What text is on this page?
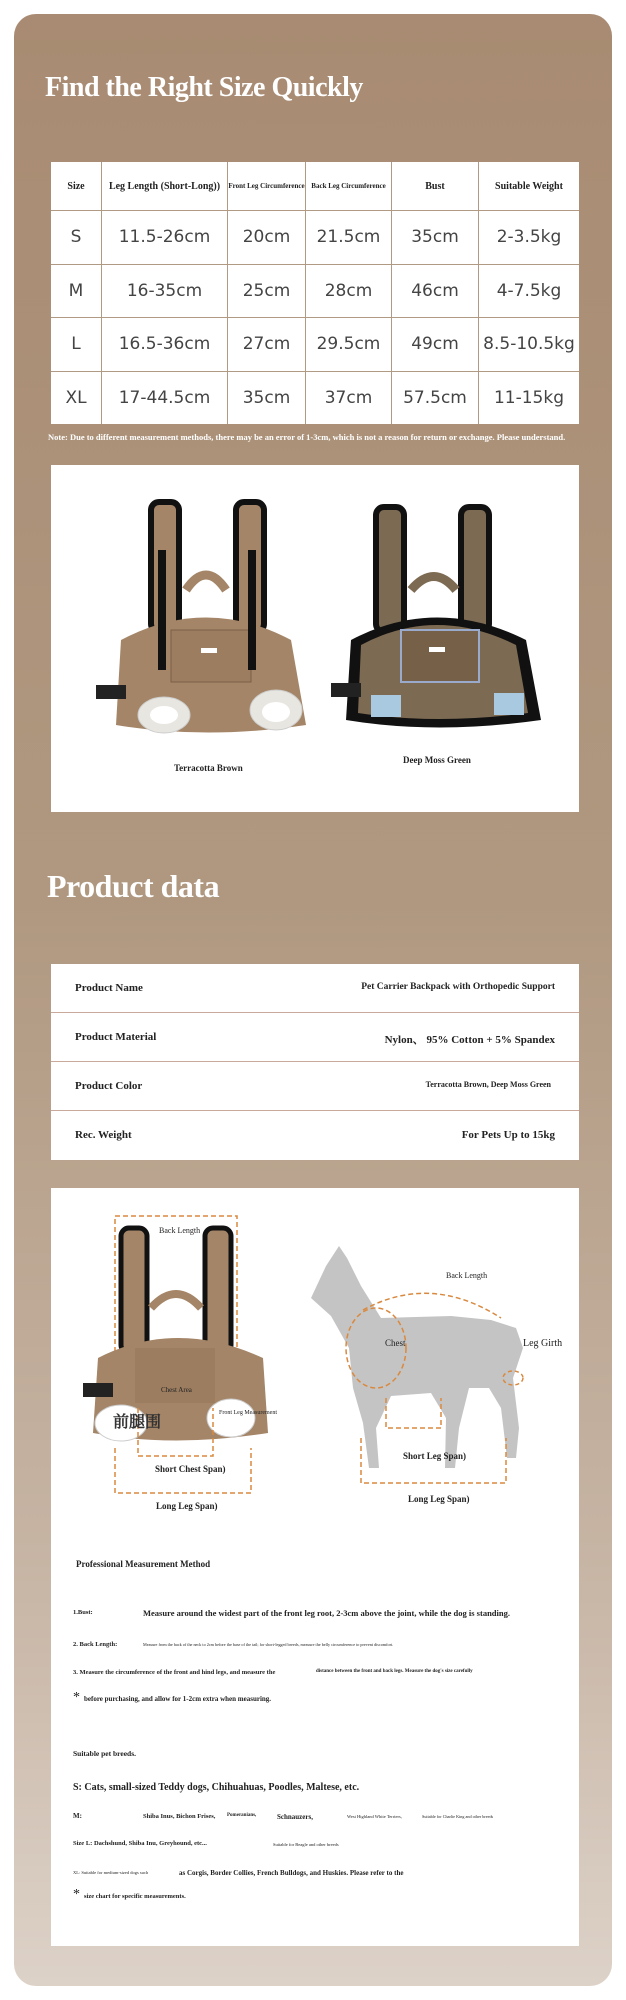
Find the Right Size Quickly
Size	Leg Length (Short-Long))	Front Leg Circumference	Back Leg Circumference	Bust	Suitable Weight
S	11.5-26cm	20cm	21.5cm	35cm	2-3.5kg
M	16-35cm	25cm	28cm	46cm	4-7.5kg
L	16.5-36cm	27cm	29.5cm	49cm	8.5-10.5kg
XL	17-44.5cm	35cm	37cm	57.5cm	11-15kg
Note: Due to different measurement methods, there may be an error of 1-3cm, which is not a reason for return or exchange. Please understand.
Terracotta Brown
Deep Moss Green
Product data
Product Name	Pet Carrier Backpack with Orthopedic Support
Product Material	Nylon、 95% Cotton + 5% Spandex
Product Color	Terracotta Brown, Deep Moss Green
Rec. Weight	For Pets Up to 15kg
Back Length
Chest Area
前腿围	Front Leg Measurement
Short Chest Span)
Long Leg Span)
Back Length
Chest	Leg Girth
Short Leg Span)
Long Leg Span)
Professional Measurement Method
1.Bust:	Measure around the widest part of the front leg root, 2-3cm above the joint, while the dog is standing.
2. Back Length:	Measure from the back of the neck to 2cm before the base of the tail; for short-legged breeds, measure the belly circumference to prevent discomfort.
3. Measure the circumference of the front and hind legs, and measure the	distance between the front and back legs. Measure the dog's size carefully
* before purchasing, and allow for 1-2cm extra when measuring.
Suitable pet breeds.
S: Cats, small-sized Teddy dogs, Chihuahuas, Poodles, Maltese, etc.
M:	Shiba Inus, Bichon Frises, Pomeranians,	Schnauzers,	West Highland White Terriers,	Suitable for Charlie King and other breeds
Size L: Dachshund, Shiba Inu, Greyhound, etc...	Suitable for Beagle and other breeds
XL: Suitable for medium-sized dogs such	as Corgis, Border Collies, French Bulldogs, and Huskies. Please refer to the
* size chart for specific measurements.
